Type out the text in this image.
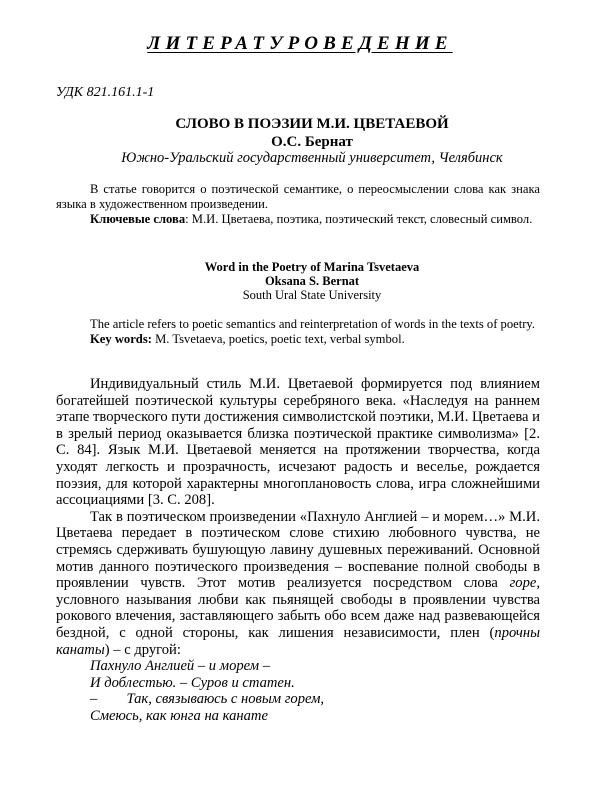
ЛИТЕРАТУРОВЕДЕНИЕ
УДК 821.161.1-1
СЛОВО В ПОЭЗИИ М.И. ЦВЕТАЕВОЙ
О.С. Бернат
Южно-Уральский государственный университет, Челябинск

В статье говорится о поэтической семантике, о переосмыслении слова как знака языка в художественном произведении.

Ключевые слова: М.И. Цветаева, поэтика, поэтический текст, словесный символ.

Word in the Poetry of Marina Tsvetaeva
Oksana S. Bernat
South Ural State University

The article refers to poetic semantics and reinterpretation of words in the texts of poetry.

Key words: M. Tsvetaeva, poetics, poetic text, verbal symbol.

Индивидуальный стиль М.И. Цветаевой формируется под влиянием богатейшей поэтической культуры серебряного века. «Наследуя на раннем этапе творческого пути достижения символистской поэтики, М.И. Цветаева и в зрелый период оказывается близка поэтической практике символизма» [2. С. 84]. Язык М.И. Цветаевой меняется на протяжении творчества, когда уходят легкость и прозрачность, исчезают радость и веселье, рождается поэзия, для которой характерны многоплановость слова, игра сложнейшими ассоциациями [3. С. 208].

Так в поэтическом произведении «Пахнуло Англией – и морем…» М.И. Цветаева передает в поэтическом слове стихию любовного чувства, не стремясь сдерживать бушующую лавину душевных переживаний. Основной мотив данного поэтического произведения – воспевание полной свободы в проявлении чувств. Этот мотив реализуется посредством слова горе, условного называния любви как пьянящей свободы в проявлении чувства рокового влечения, заставляющего забыть обо всем даже над развевающейся бездной, с одной стороны, как лишения независимости, плен (прочны канаты) – с другой:

Пахнуло Англией – и морем –
И доблестью. – Суров и статен.
–        Так, связываюсь с новым горем,
Смеюсь, как юнга на канате
